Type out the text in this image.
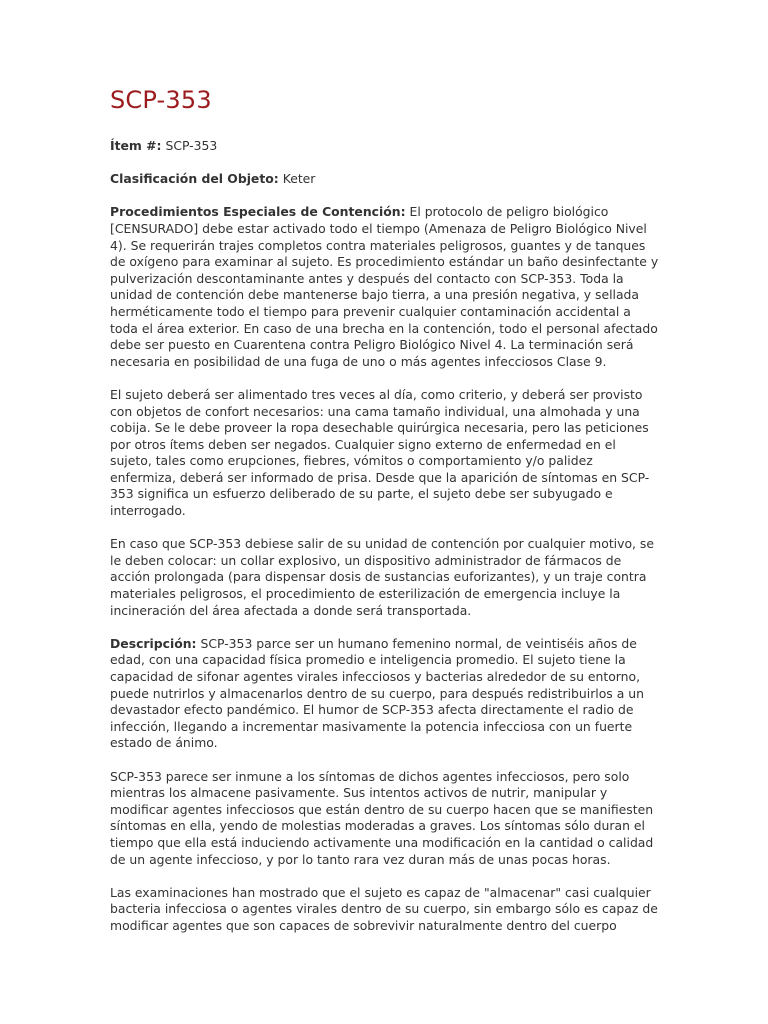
SCP-353

Ítem #: SCP-353

Clasificación del Objeto: Keter

Procedimientos Especiales de Contención: El protocolo de peligro biológico [CENSURADO] debe estar activado todo el tiempo (Amenaza de Peligro Biológico Nivel 4). Se requerirán trajes completos contra materiales peligrosos, guantes y de tanques de oxígeno para examinar al sujeto. Es procedimiento estándar un baño desinfectante y pulverización descontaminante antes y después del contacto con SCP-353. Toda la unidad de contención debe mantenerse bajo tierra, a una presión negativa, y sellada herméticamente todo el tiempo para prevenir cualquier contaminación accidental a toda el área exterior. En caso de una brecha en la contención, todo el personal afectado debe ser puesto en Cuarentena contra Peligro Biológico Nivel 4. La terminación será necesaria en posibilidad de una fuga de uno o más agentes infecciosos Clase 9.

El sujeto deberá ser alimentado tres veces al día, como criterio, y deberá ser provisto con objetos de confort necesarios: una cama tamaño individual, una almohada y una cobija. Se le debe proveer la ropa desechable quirúrgica necesaria, pero las peticiones por otros ítems deben ser negados. Cualquier signo externo de enfermedad en el sujeto, tales como erupciones, fiebres, vómitos o comportamiento y/o palidez enfermiza, deberá ser informado de prisa. Desde que la aparición de síntomas en SCP-353 significa un esfuerzo deliberado de su parte, el sujeto debe ser subyugado e interrogado.

En caso que SCP-353 debiese salir de su unidad de contención por cualquier motivo, se le deben colocar: un collar explosivo, un dispositivo administrador de fármacos de acción prolongada (para dispensar dosis de sustancias euforizantes), y un traje contra materiales peligrosos, el procedimiento de esterilización de emergencia incluye la incineración del área afectada a donde será transportada.

Descripción: SCP-353 parce ser un humano femenino normal, de veintiséis años de edad, con una capacidad física promedio e inteligencia promedio. El sujeto tiene la capacidad de sifonar agentes virales infecciosos y bacterias alrededor de su entorno, puede nutrirlos y almacenarlos dentro de su cuerpo, para después redistribuirlos a un devastador efecto pandémico. El humor de SCP-353 afecta directamente el radio de infección, llegando a incrementar masivamente la potencia infecciosa con un fuerte estado de ánimo.

SCP-353 parece ser inmune a los síntomas de dichos agentes infecciosos, pero solo mientras los almacene pasivamente. Sus intentos activos de nutrir, manipular y modificar agentes infecciosos que están dentro de su cuerpo hacen que se manifiesten síntomas en ella, yendo de molestias moderadas a graves. Los síntomas sólo duran el tiempo que ella está induciendo activamente una modificación en la cantidad o calidad de un agente infeccioso, y por lo tanto rara vez duran más de unas pocas horas.

Las examinaciones han mostrado que el sujeto es capaz de "almacenar" casi cualquier bacteria infecciosa o agentes virales dentro de su cuerpo, sin embargo sólo es capaz de modificar agentes que son capaces de sobrevivir naturalmente dentro del cuerpo
